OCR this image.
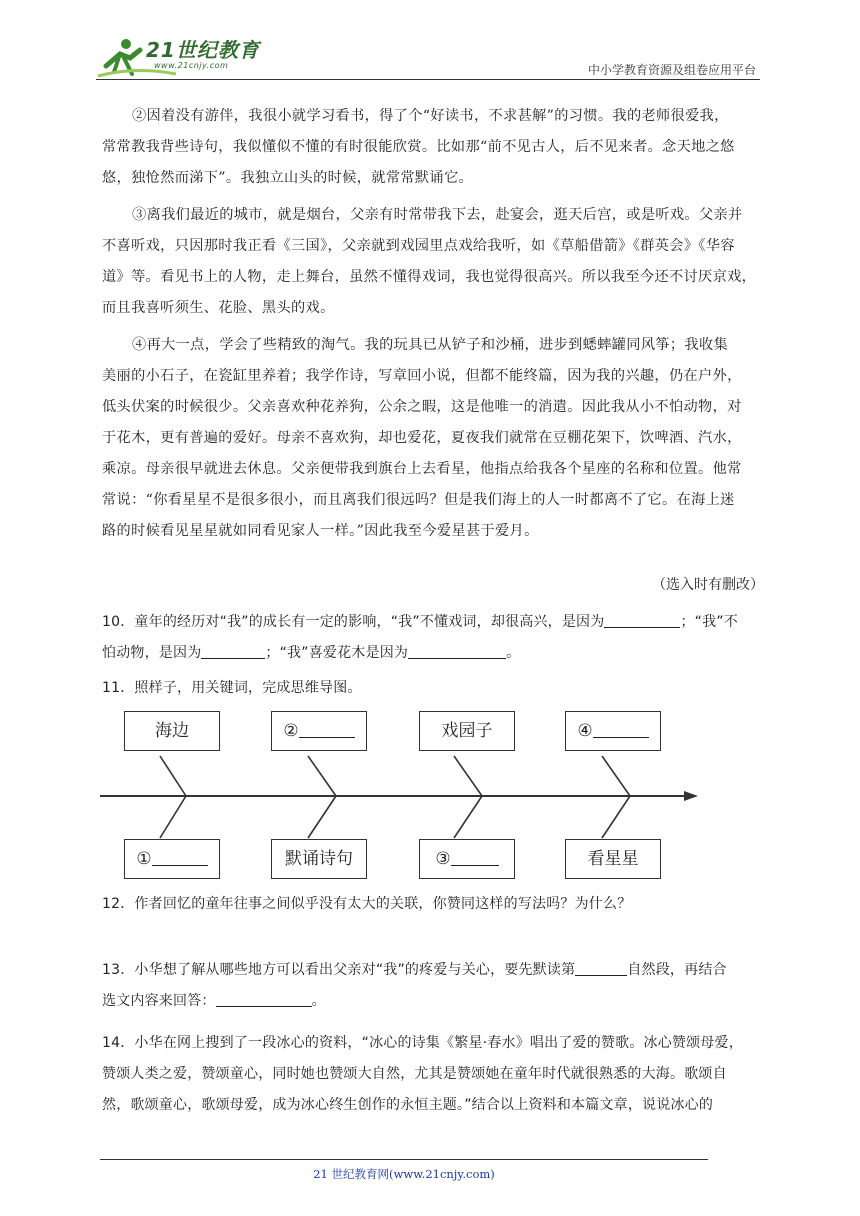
21世纪教育
www.21cnjy.com	中小学教育资源及组卷应用平台
②因着没有游伴，我很小就学习看书，得了个“好读书，不求甚解”的习惯。我的老师很爱我，
常常教我背些诗句，我似懂似不懂的有时很能欣赏。比如那“前不见古人，后不见来者。念天地之悠
悠，独怆然而涕下”。我独立山头的时候，就常常默诵它。
③离我们最近的城市，就是烟台，父亲有时常带我下去，赴宴会，逛天后宫，或是听戏。父亲并
不喜听戏，只因那时我正看《三国》，父亲就到戏园里点戏给我听，如《草船借箭》《群英会》《华容
道》等。看见书上的人物，走上舞台，虽然不懂得戏词，我也觉得很高兴。所以我至今还不讨厌京戏，
而且我喜听须生、花脸、黑头的戏。
④再大一点，学会了些精致的淘气。我的玩具已从铲子和沙桶，进步到蟋蟀罐同风筝；我收集
美丽的小石子，在瓷缸里养着；我学作诗，写章回小说，但都不能终篇，因为我的兴趣，仍在户外，
低头伏案的时候很少。父亲喜欢种花养狗，公余之暇，这是他唯一的消遣。因此我从小不怕动物，对
于花木，更有普遍的爱好。母亲不喜欢狗，却也爱花，夏夜我们就常在豆棚花架下，饮啤酒、汽水，
乘凉。母亲很早就进去休息。父亲便带我到旗台上去看星，他指点给我各个星座的名称和位置。他常
常说：“你看星星不是很多很小，而且离我们很远吗？但是我们海上的人一时都离不了它。在海上迷
路的时候看见星星就如同看见家人一样。”因此我至今爱星甚于爱月。
（选入时有删改）
10．童年的经历对“我”的成长有一定的影响，“我”不懂戏词，却很高兴，是因为	；“我”不
怕动物，是因为	；“我”喜爱花木是因为	。
11．照样子，用关键词，完成思维导图。
海边	②	戏园子	④
①	默诵诗句	③	看星星
12．作者回忆的童年往事之间似乎没有太大的关联，你赞同这样的写法吗？为什么？
13．小华想了解从哪些地方可以看出父亲对“我”的疼爱与关心，要先默读第	自然段，再结合
选文内容来回答：	。
14．小华在网上搜到了一段冰心的资料，“冰心的诗集《繁星·春水》唱出了爱的赞歌。冰心赞颂母爱，
赞颂人类之爱，赞颂童心，同时她也赞颂大自然，尤其是赞颂她在童年时代就很熟悉的大海。歌颂自
然，歌颂童心，歌颂母爱，成为冰心终生创作的永恒主题。”结合以上资料和本篇文章，说说冰心的
21 世纪教育网(www.21cnjy.com)
